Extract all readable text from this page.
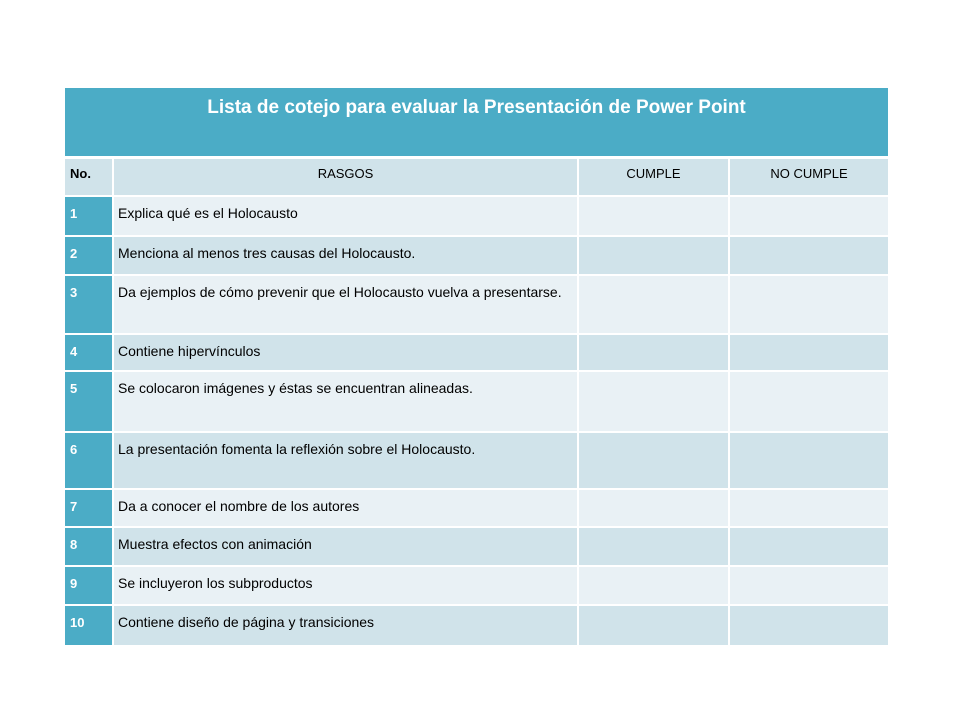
Lista de cotejo para evaluar la Presentación de Power Point			

No.	RASGOS	CUMPLE	NO CUMPLE

1	Explica qué es el Holocausto		

2	Menciona al menos tres causas del Holocausto.		

3	Da ejemplos de cómo prevenir que el Holocausto vuelva a presentarse.		

4	Contiene hipervínculos		

5	Se colocaron imágenes y éstas se encuentran alineadas.		

6	La presentación fomenta la reflexión sobre el Holocausto.		

7	Da a conocer el nombre de los autores		

8	Muestra efectos con animación		

9	Se incluyeron los subproductos		

10	Contiene diseño de página y transiciones		
